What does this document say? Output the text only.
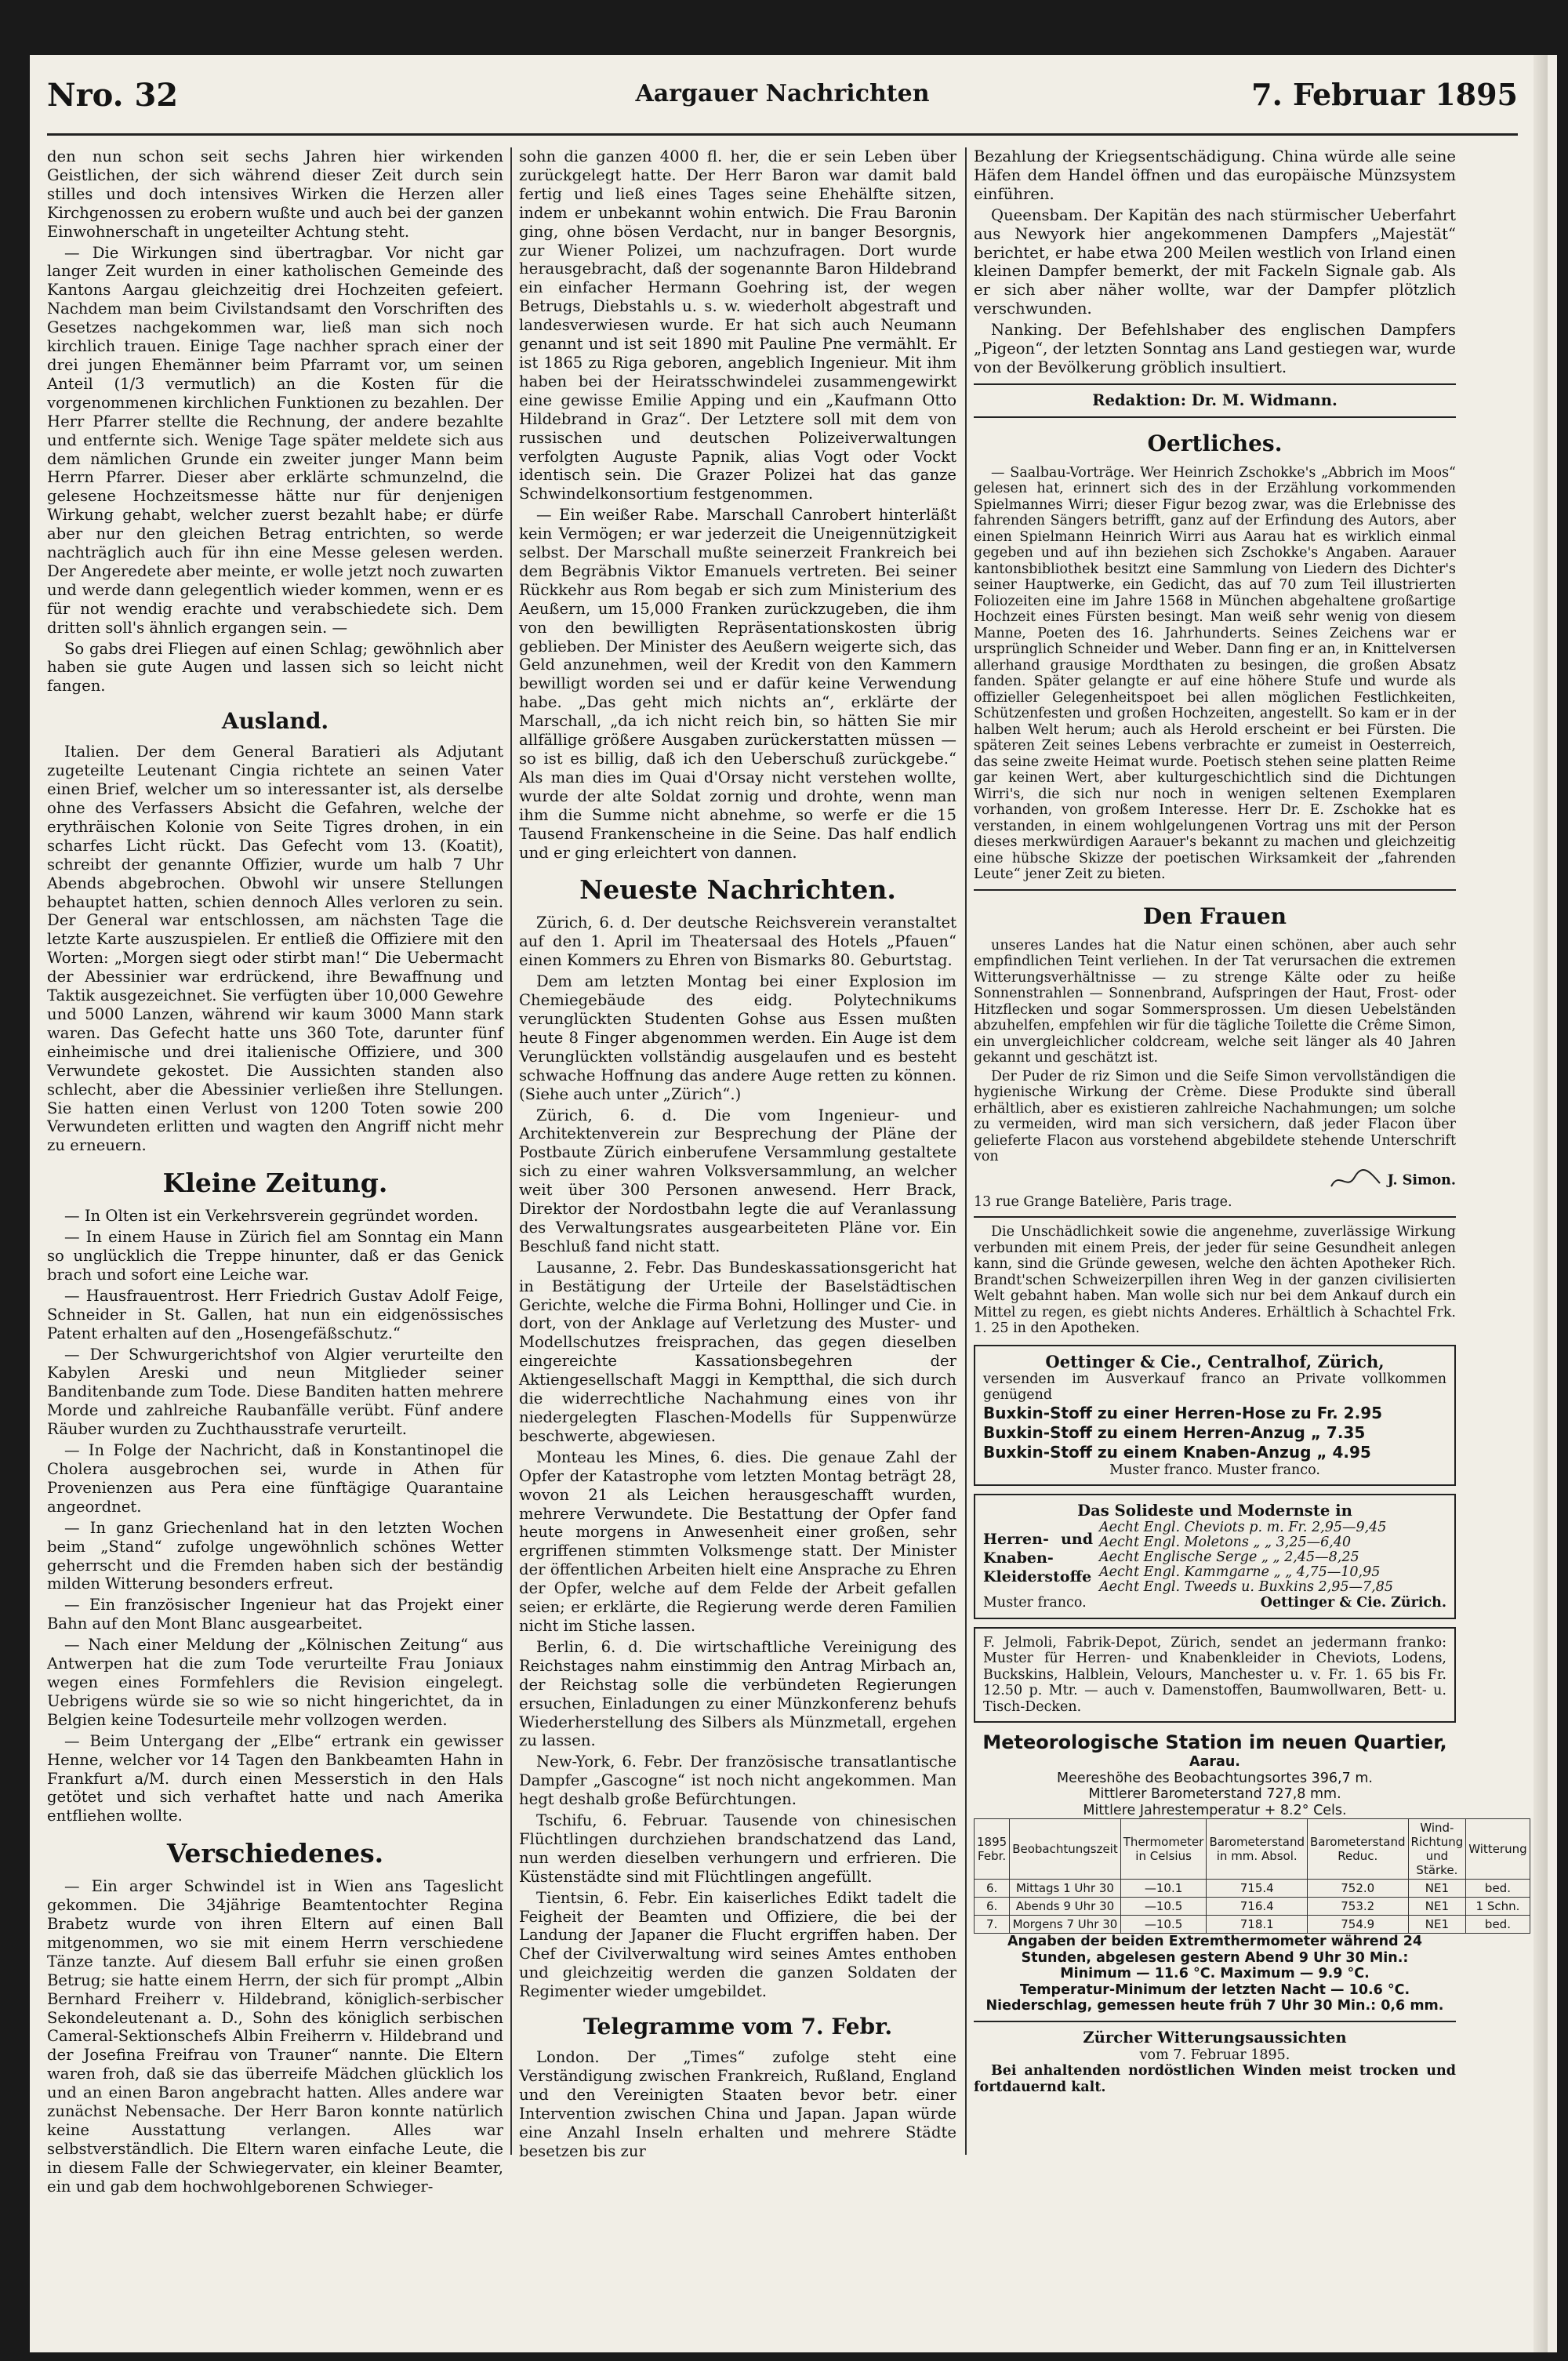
Nro. 32	Aargauer Nachrichten	7. Februar 1895

den nun schon seit sechs Jahren hier wirkenden Geistlichen, der sich während dieser Zeit durch sein stilles und doch intensives Wirken die Herzen aller Kirchgenossen zu erobern wußte und auch bei der ganzen Einwohnerschaft in ungeteilter Achtung steht.

— Die Wirkungen sind übertragbar. Vor nicht gar langer Zeit wurden in einer katholischen Gemeinde des Kantons Aargau gleichzeitig drei Hochzeiten gefeiert. Nachdem man beim Civilstandsamt den Vorschriften des Gesetzes nachgekommen war, ließ man sich noch kirchlich trauen. Einige Tage nachher sprach einer der drei jungen Ehemänner beim Pfarramt vor, um seinen Anteil (1/3 vermutlich) an die Kosten für die vorgenommenen kirchlichen Funktionen zu bezahlen. Der Herr Pfarrer stellte die Rechnung, der andere bezahlte und entfernte sich. Wenige Tage später meldete sich aus dem nämlichen Grunde ein zweiter junger Mann beim Herrn Pfarrer. Dieser aber erklärte schmunzelnd, die gelesene Hochzeitsmesse hätte nur für denjenigen Wirkung gehabt, welcher zuerst bezahlt habe; er dürfe aber nur den gleichen Betrag entrichten, so werde nachträglich auch für ihn eine Messe gelesen werden. Der Angeredete aber meinte, er wolle jetzt noch zuwarten und werde dann gelegentlich wieder kommen, wenn er es für not wendig erachte und verabschiedete sich. Dem dritten soll's ähnlich ergangen sein. —

So gabs drei Fliegen auf einen Schlag; gewöhnlich aber haben sie gute Augen und lassen sich so leicht nicht fangen.

Ausland.

Italien. Der dem General Baratieri als Adjutant zugeteilte Leutenant Cingia richtete an seinen Vater einen Brief, welcher um so interessanter ist, als derselbe ohne des Verfassers Absicht die Gefahren, welche der erythräischen Kolonie von Seite Tigres drohen, in ein scharfes Licht rückt. Das Gefecht vom 13. (Koatit), schreibt der genannte Offizier, wurde um halb 7 Uhr Abends abgebrochen. Obwohl wir unsere Stellungen behauptet hatten, schien dennoch Alles verloren zu sein. Der General war entschlossen, am nächsten Tage die letzte Karte auszuspielen. Er entließ die Offiziere mit den Worten: „Morgen siegt oder stirbt man!“ Die Uebermacht der Abessinier war erdrückend, ihre Bewaffnung und Taktik ausgezeichnet. Sie verfügten über 10,000 Gewehre und 5000 Lanzen, während wir kaum 3000 Mann stark waren. Das Gefecht hatte uns 360 Tote, darunter fünf einheimische und drei italienische Offiziere, und 300 Verwundete gekostet. Die Aussichten standen also schlecht, aber die Abessinier verließen ihre Stellungen. Sie hatten einen Verlust von 1200 Toten sowie 200 Verwundeten erlitten und wagten den Angriff nicht mehr zu erneuern.

Kleine Zeitung.

— In Olten ist ein Verkehrsverein gegründet worden.

— In einem Hause in Zürich fiel am Sonntag ein Mann so unglücklich die Treppe hinunter, daß er das Genick brach und sofort eine Leiche war.

— Hausfrauentrost. Herr Friedrich Gustav Adolf Feige, Schneider in St. Gallen, hat nun ein eidgenössisches Patent erhalten auf den „Hosengefäßschutz.“

— Der Schwurgerichtshof von Algier verurteilte den Kabylen Areski und neun Mitglieder seiner Banditenbande zum Tode. Diese Banditen hatten mehrere Morde und zahlreiche Raubanfälle verübt. Fünf andere Räuber wurden zu Zuchthausstrafe verurteilt.

— In Folge der Nachricht, daß in Konstantinopel die Cholera ausgebrochen sei, wurde in Athen für Provenienzen aus Pera eine fünftägige Quarantaine angeordnet.

— In ganz Griechenland hat in den letzten Wochen beim „Stand“ zufolge ungewöhnlich schönes Wetter geherrscht und die Fremden haben sich der beständig milden Witterung besonders erfreut.

— Ein französischer Ingenieur hat das Projekt einer Bahn auf den Mont Blanc ausgearbeitet.

— Nach einer Meldung der „Kölnischen Zeitung“ aus Antwerpen hat die zum Tode verurteilte Frau Joniaux wegen eines Formfehlers die Revision eingelegt. Uebrigens würde sie so wie so nicht hingerichtet, da in Belgien keine Todesurteile mehr vollzogen werden.

— Beim Untergang der „Elbe“ ertrank ein gewisser Henne, welcher vor 14 Tagen den Bankbeamten Hahn in Frankfurt a/M. durch einen Messerstich in den Hals getötet und sich verhaftet hatte und nach Amerika entfliehen wollte.

Verschiedenes.

— Ein arger Schwindel ist in Wien ans Tageslicht gekommen. Die 34jährige Beamtentochter Regina Brabetz wurde von ihren Eltern auf einen Ball mitgenommen, wo sie mit einem Herrn verschiedene Tänze tanzte. Auf diesem Ball erfuhr sie einen großen Betrug; sie hatte einem Herrn, der sich für prompt „Albin Bernhard Freiherr v. Hildebrand, königlich-serbischer Sekondeleutenant a. D., Sohn des königlich serbischen Cameral-Sektionschefs Albin Freiherrn v. Hildebrand und der Josefina Freifrau von Trauner“ nannte. Die Eltern waren froh, daß sie das überreife Mädchen glücklich los und an einen Baron angebracht hatten. Alles andere war zunächst Nebensache. Der Herr Baron konnte natürlich keine Ausstattung verlangen. Alles war selbstverständlich. Die Eltern waren einfache Leute, die in diesem Falle der Schwiegervater, ein kleiner Beamter, ein und gab dem hochwohlgeborenen Schwieger-

sohn die ganzen 4000 fl. her, die er sein Leben über zurückgelegt hatte. Der Herr Baron war damit bald fertig und ließ eines Tages seine Ehehälfte sitzen, indem er unbekannt wohin entwich. Die Frau Baronin ging, ohne bösen Verdacht, nur in banger Besorgnis, zur Wiener Polizei, um nachzufragen. Dort wurde herausgebracht, daß der sogenannte Baron Hildebrand ein einfacher Hermann Goehring ist, der wegen Betrugs, Diebstahls u. s. w. wiederholt abgestraft und landesverwiesen wurde. Er hat sich auch Neumann genannt und ist seit 1890 mit Pauline Pne vermählt. Er ist 1865 zu Riga geboren, angeblich Ingenieur. Mit ihm haben bei der Heiratsschwindelei zusammengewirkt eine gewisse Emilie Apping und ein „Kaufmann Otto Hildebrand in Graz“. Der Letztere soll mit dem von russischen und deutschen Polizeiverwaltungen verfolgten Auguste Papnik, alias Vogt oder Vockt identisch sein. Die Grazer Polizei hat das ganze Schwindelkonsortium festgenommen.

— Ein weißer Rabe. Marschall Canrobert hinterläßt kein Vermögen; er war jederzeit die Uneigennützigkeit selbst. Der Marschall mußte seinerzeit Frankreich bei dem Begräbnis Viktor Emanuels vertreten. Bei seiner Rückkehr aus Rom begab er sich zum Ministerium des Aeußern, um 15,000 Franken zurückzugeben, die ihm von den bewilligten Repräsentationskosten übrig geblieben. Der Minister des Aeußern weigerte sich, das Geld anzunehmen, weil der Kredit von den Kammern bewilligt worden sei und er dafür keine Verwendung habe. „Das geht mich nichts an“, erklärte der Marschall, „da ich nicht reich bin, so hätten Sie mir allfällige größere Ausgaben zurückerstatten müssen — so ist es billig, daß ich den Ueberschuß zurückgebe.“ Als man dies im Quai d'Orsay nicht verstehen wollte, wurde der alte Soldat zornig und drohte, wenn man ihm die Summe nicht abnehme, so werfe er die 15 Tausend Frankenscheine in die Seine. Das half endlich und er ging erleichtert von dannen.

Neueste Nachrichten.

Zürich, 6. d. Der deutsche Reichsverein veranstaltet auf den 1. April im Theatersaal des Hotels „Pfauen“ einen Kommers zu Ehren von Bismarks 80. Geburtstag.

Dem am letzten Montag bei einer Explosion im Chemiegebäude des eidg. Polytechnikums verunglückten Studenten Gohse aus Essen mußten heute 8 Finger abgenommen werden. Ein Auge ist dem Verunglückten vollständig ausgelaufen und es besteht schwache Hoffnung das andere Auge retten zu können. (Siehe auch unter „Zürich“.)

Zürich, 6. d. Die vom Ingenieur- und Architektenverein zur Besprechung der Pläne der Postbaute Zürich einberufene Versammlung gestaltete sich zu einer wahren Volksversammlung, an welcher weit über 300 Personen anwesend. Herr Brack, Direktor der Nordostbahn legte die auf Veranlassung des Verwaltungsrates ausgearbeiteten Pläne vor. Ein Beschluß fand nicht statt.

Lausanne, 2. Febr. Das Bundeskassationsgericht hat in Bestätigung der Urteile der Baselstädtischen Gerichte, welche die Firma Bohni, Hollinger und Cie. in dort, von der Anklage auf Verletzung des Muster- und Modellschutzes freisprachen, das gegen dieselben eingereichte Kassationsbegehren der Aktiengesellschaft Maggi in Kemptthal, die sich durch die widerrechtliche Nachahmung eines von ihr niedergelegten Flaschen-Modells für Suppenwürze beschwerte, abgewiesen.

Monteau les Mines, 6. dies. Die genaue Zahl der Opfer der Katastrophe vom letzten Montag beträgt 28, wovon 21 als Leichen herausgeschafft wurden, mehrere Verwundete. Die Bestattung der Opfer fand heute morgens in Anwesenheit einer großen, sehr ergriffenen stimmten Volksmenge statt. Der Minister der öffentlichen Arbeiten hielt eine Ansprache zu Ehren der Opfer, welche auf dem Felde der Arbeit gefallen seien; er erklärte, die Regierung werde deren Familien nicht im Stiche lassen.

Berlin, 6. d. Die wirtschaftliche Vereinigung des Reichstages nahm einstimmig den Antrag Mirbach an, der Reichstag solle die verbündeten Regierungen ersuchen, Einladungen zu einer Münzkonferenz behufs Wiederherstellung des Silbers als Münzmetall, ergehen zu lassen.

New-York, 6. Febr. Der französische transatlantische Dampfer „Gascogne“ ist noch nicht angekommen. Man hegt deshalb große Befürchtungen.

Tschifu, 6. Februar. Tausende von chinesischen Flüchtlingen durchziehen brandschatzend das Land, nun werden dieselben verhungern und erfrieren. Die Küstenstädte sind mit Flüchtlingen angefüllt.

Tientsin, 6. Febr. Ein kaiserliches Edikt tadelt die Feigheit der Beamten und Offiziere, die bei der Landung der Japaner die Flucht ergriffen haben. Der Chef der Civilverwaltung wird seines Amtes enthoben und gleichzeitig werden die ganzen Soldaten der Regimenter wieder umgebildet.

Telegramme vom 7. Febr.

London. Der „Times“ zufolge steht eine Verständigung zwischen Frankreich, Rußland, England und den Vereinigten Staaten bevor betr. einer Intervention zwischen China und Japan. Japan würde eine Anzahl Inseln erhalten und mehrere Städte besetzen bis zur

Bezahlung der Kriegsentschädigung. China würde alle seine Häfen dem Handel öffnen und das europäische Münzsystem einführen.

Queensbam. Der Kapitän des nach stürmischer Ueberfahrt aus Newyork hier angekommenen Dampfers „Majestät“ berichtet, er habe etwa 200 Meilen westlich von Irland einen kleinen Dampfer bemerkt, der mit Fackeln Signale gab. Als er sich aber näher wollte, war der Dampfer plötzlich verschwunden.

Nanking. Der Befehlshaber des englischen Dampfers „Pigeon“, der letzten Sonntag ans Land gestiegen war, wurde von der Bevölkerung gröblich insultiert.

Redaktion: Dr. M. Widmann.
Oertliches.

— Saalbau-Vorträge. Wer Heinrich Zschokke's „Abbrich im Moos“ gelesen hat, erinnert sich des in der Erzählung vorkommenden Spielmannes Wirri; dieser Figur bezog zwar, was die Erlebnisse des fahrenden Sängers betrifft, ganz auf der Erfindung des Autors, aber einen Spielmann Heinrich Wirri aus Aarau hat es wirklich einmal gegeben und auf ihn beziehen sich Zschokke's Angaben. Aarauer kantonsbibliothek besitzt eine Sammlung von Liedern des Dichter's seiner Hauptwerke, ein Gedicht, das auf 70 zum Teil illustrierten Foliozeiten eine im Jahre 1568 in München abgehaltene großartige Hochzeit eines Fürsten besingt. Man weiß sehr wenig von diesem Manne, Poeten des 16. Jahrhunderts. Seines Zeichens war er ursprünglich Schneider und Weber. Dann fing er an, in Knittelversen allerhand grausige Mordthaten zu besingen, die großen Absatz fanden. Später gelangte er auf eine höhere Stufe und wurde als offizieller Gelegenheitspoet bei allen möglichen Festlichkeiten, Schützenfesten und großen Hochzeiten, angestellt. So kam er in der halben Welt herum; auch als Herold erscheint er bei Fürsten. Die späteren Zeit seines Lebens verbrachte er zumeist in Oesterreich, das seine zweite Heimat wurde. Poetisch stehen seine platten Reime gar keinen Wert, aber kulturgeschichtlich sind die Dichtungen Wirri's, die sich nur noch in wenigen seltenen Exemplaren vorhanden, von großem Interesse. Herr Dr. E. Zschokke hat es verstanden, in einem wohlgelungenen Vortrag uns mit der Person dieses merkwürdigen Aarauer's bekannt zu machen und gleichzeitig eine hübsche Skizze der poetischen Wirksamkeit der „fahrenden Leute“ jener Zeit zu bieten.

Den Frauen

unseres Landes hat die Natur einen schönen, aber auch sehr empfindlichen Teint verliehen. In der Tat verursachen die extremen Witterungsverhältnisse — zu strenge Kälte oder zu heiße Sonnenstrahlen — Sonnenbrand, Aufspringen der Haut, Frost- oder Hitzflecken und sogar Sommersprossen. Um diesen Uebelständen abzuhelfen, empfehlen wir für die tägliche Toilette die Crême Simon, ein unvergleichlicher coldcream, welche seit länger als 40 Jahren gekannt und geschätzt ist.

Der Puder de riz Simon und die Seife Simon vervollständigen die hygienische Wirkung der Crème. Diese Produkte sind überall erhältlich, aber es existieren zahlreiche Nachahmungen; um solche zu vermeiden, wird man sich versichern, daß jeder Flacon über gelieferte Flacon aus vorstehend abgebildete stehende Unterschrift von

J. Simon.
13 rue Grange Batelière, Paris trage.

Die Unschädlichkeit sowie die angenehme, zuverlässige Wirkung verbunden mit einem Preis, der jeder für seine Gesundheit anlegen kann, sind die Gründe gewesen, welche den ächten Apotheker Rich. Brandt'schen Schweizerpillen ihren Weg in der ganzen civilisierten Welt gebahnt haben. Man wolle sich nur bei dem Ankauf durch ein Mittel zu regen, es giebt nichts Anderes. Erhältlich à Schachtel Frk. 1. 25 in den Apotheken.

Oettinger & Cie., Centralhof, Zürich,
versenden im Ausverkauf franco an Private vollkommen genügend
Buxkin-Stoff zu einer Herren-Hose zu Fr. 2.95
Buxkin-Stoff zu einem Herren-Anzug „ 7.35
Buxkin-Stoff zu einem Knaben-Anzug „ 4.95
Muster franco. Muster franco.
Das Solideste und Modernste in
Herren- und Knaben- Kleiderstoffe
Aecht Engl. Cheviots p. m. Fr. 2,95—9,45
Aecht Engl. Moletons „ „ 3,25—6,40
Aecht Englische Serge „ „ 2,45—8,25
Aecht Engl. Kammgarne „ „ 4,75—10,95
Aecht Engl. Tweeds u. Buxkins 2,95—7,85
Muster franco.	Oettinger & Cie. Zürich.
F. Jelmoli, Fabrik-Depot, Zürich, sendet an jedermann franko: Muster für Herren- und Knabenkleider in Cheviots, Lodens, Buckskins, Halblein, Velours, Manchester u. v. Fr. 1. 65 bis Fr. 12.50 p. Mtr. — auch v. Damenstoffen, Baumwollwaren, Bett- u. Tisch-Decken.
Meteorologische Station im neuen Quartier,
Aarau.
Meereshöhe des Beobachtungsortes 396,7 m.
Mittlerer Barometerstand 727,8 mm.
Mittlere Jahrestemperatur + 8.2° Cels.
1895 Febr.	Beobachtungszeit	Thermometer in Celsius	Barometerstand in mm. Absol.	Barometerstand Reduc.	Wind-Richtung und Stärke.	Witterung
6.	Mittags 1 Uhr 30	—10.1	715.4	752.0	NE1	bed.
6.	Abends 9 Uhr 30	—10.5	716.4	753.2	NE1	1 Schn.
7.	Morgens 7 Uhr 30	—10.5	718.1	754.9	NE1	bed.
Angaben der beiden Extremthermometer während 24 Stunden, abgelesen gestern Abend 9 Uhr 30 Min.:
Minimum — 11.6 °C. Maximum — 9.9 °C.
Temperatur-Minimum der letzten Nacht — 10.6 °C.
Niederschlag, gemessen heute früh 7 Uhr 30 Min.: 0,6 mm.
Zürcher Witterungsaussichten
vom 7. Februar 1895.

Bei anhaltenden nordöstlichen Winden meist trocken und fortdauernd kalt.
